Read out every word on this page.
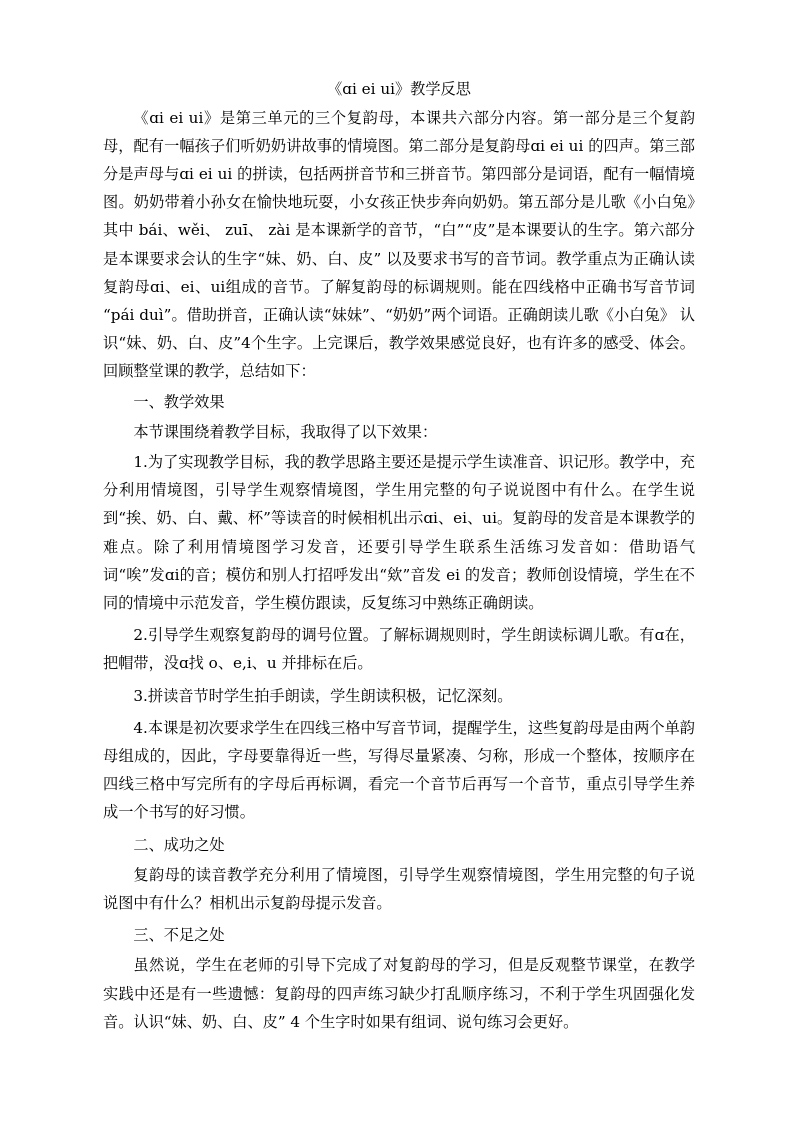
《ɑi ei ui》教学反思

《ɑi ei ui》是第三单元的三个复韵母，本课共六部分内容。第一部分是三个复韵母，配有一幅孩子们听奶奶讲故事的情境图。第二部分是复韵母ɑi ei ui 的四声。第三部分是声母与ɑi ei ui 的拼读，包括两拼音节和三拼音节。第四部分是词语，配有一幅情境图。奶奶带着小孙女在愉快地玩耍，小女孩正快步奔向奶奶。第五部分是儿歌《小白兔》其中 bái、wěi、 zuī、 zài 是本课新学的音节，“白”“皮”是本课要认的生字。第六部分是本课要求会认的生字“妹、奶、白、皮” 以及要求书写的音节词。教学重点为正确认读复韵母ɑi、ei、ui组成的音节。了解复韵母的标调规则。能在四线格中正确书写音节词 “pái duì”。借助拼音，正确认读“妹妹”、“奶奶”两个词语。正确朗读儿歌《小白兔》 认识“妹、奶、白、皮”4个生字。上完课后，教学效果感觉良好，也有许多的感受、体会。回顾整堂课的教学，总结如下：

一、教学效果

本节课围绕着教学目标，我取得了以下效果：

1.为了实现教学目标，我的教学思路主要还是提示学生读准音、识记形。教学中，充分利用情境图，引导学生观察情境图，学生用完整的句子说说图中有什么。在学生说到“挨、奶、白、戴、杯”等读音的时候相机出示ɑi、ei、ui。复韵母的发音是本课教学的难点。除了利用情境图学习发音，还要引导学生联系生活练习发音如：借助语气词“唉”发ɑi的音；模仿和别人打招呼发出“欸”音发 ei 的发音；教师创设情境，学生在不同的情境中示范发音，学生模仿跟读，反复练习中熟练正确朗读。

2.引导学生观察复韵母的调号位置。了解标调规则时，学生朗读标调儿歌。有ɑ在，把帽带，没ɑ找 o、e,i、u 并排标在后。

3.拼读音节时学生拍手朗读，学生朗读积极，记忆深刻。

4.本课是初次要求学生在四线三格中写音节词，提醒学生，这些复韵母是由两个单韵母组成的，因此，字母要靠得近一些，写得尽量紧凑、匀称，形成一个整体，按顺序在四线三格中写完所有的字母后再标调，看完一个音节后再写一个音节，重点引导学生养成一个书写的好习惯。

二、成功之处

复韵母的读音教学充分利用了情境图，引导学生观察情境图，学生用完整的句子说说图中有什么？相机出示复韵母提示发音。

三、不足之处

虽然说，学生在老师的引导下完成了对复韵母的学习，但是反观整节课堂，在教学实践中还是有一些遗憾：复韵母的四声练习缺少打乱顺序练习，不利于学生巩固强化发音。认识“妹、奶、白、皮” 4 个生字时如果有组词、说句练习会更好。
